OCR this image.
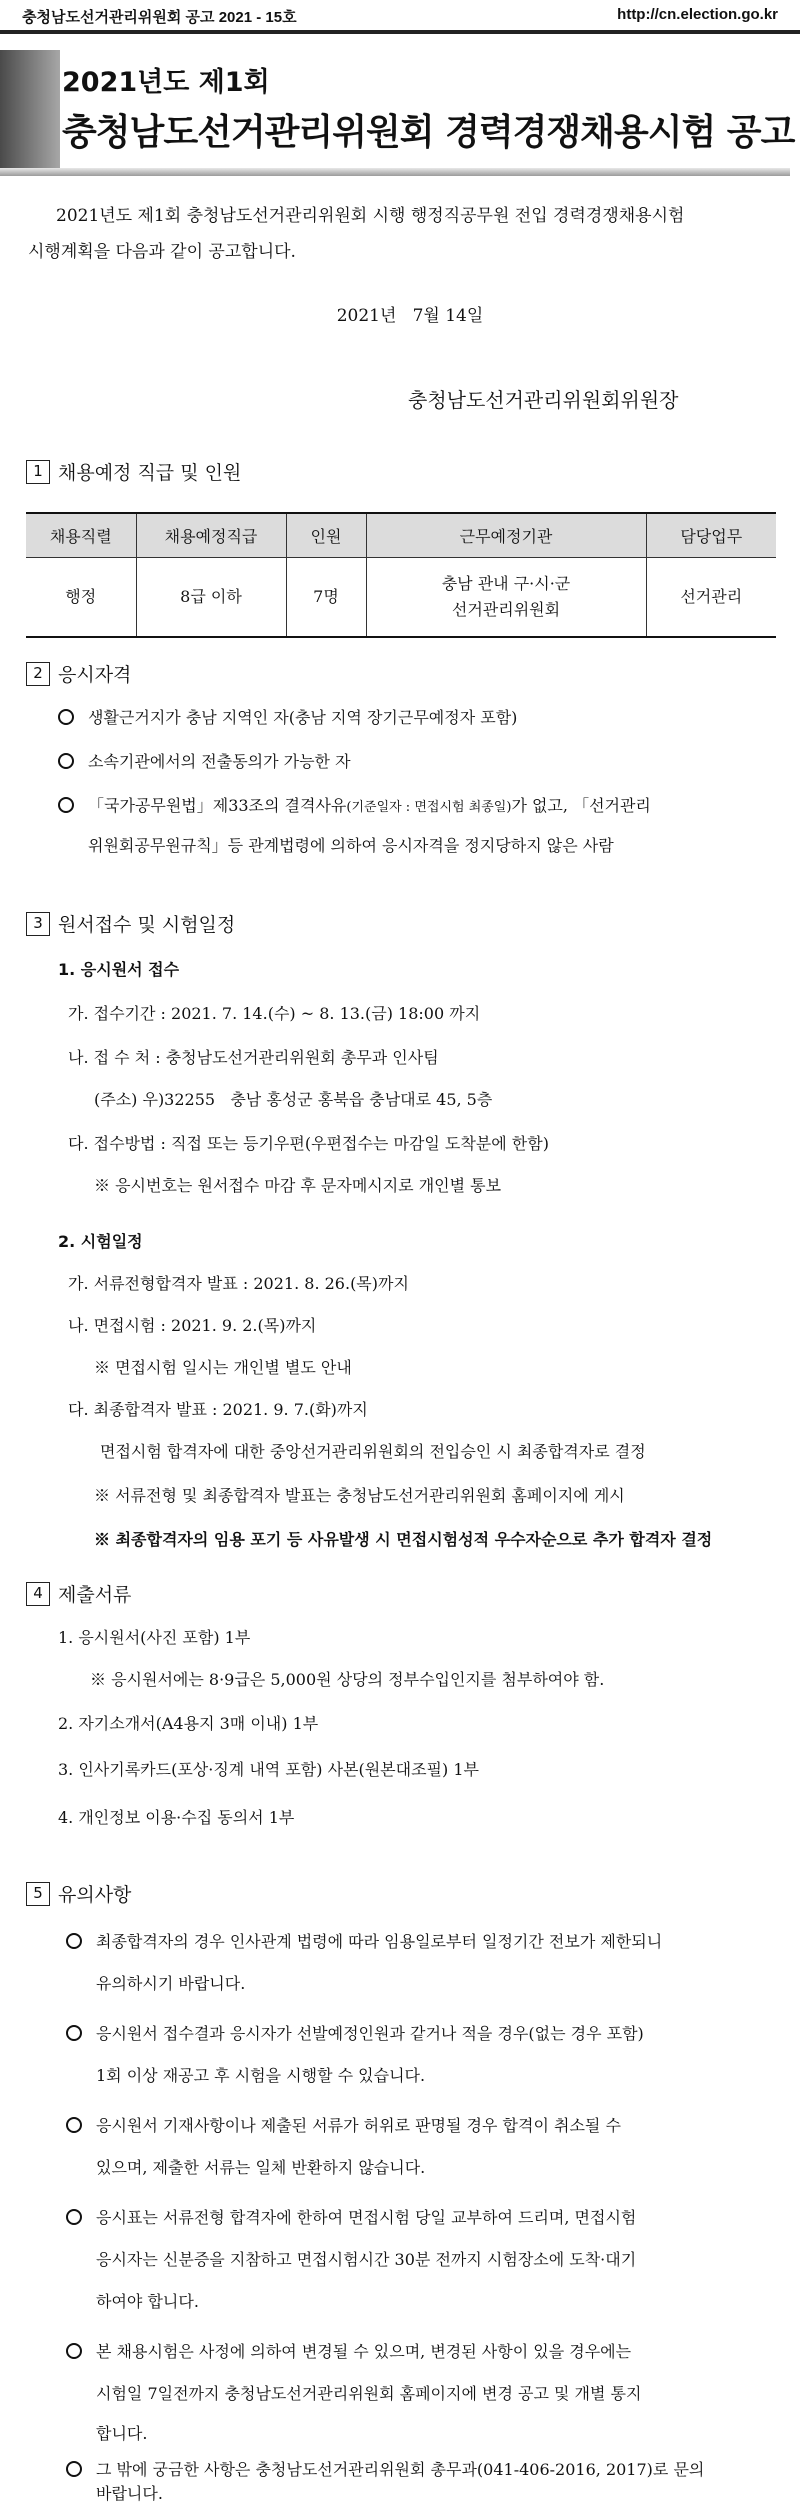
충청남도선거관리위원회 공고 2021 - 15호	http://cn.election.go.kr
2021년도 제1회
충청남도선거관리위원회 경력경쟁채용시험 공고
2021년도 제1회 충청남도선거관리위원회 시행 행정직공무원 전입 경력경쟁채용시험
시행계획을 다음과 같이 공고합니다.
2021년   7월 14일
충청남도선거관리위원회위원장
1 채용예정 직급 및 인원
채용직렬	채용예정직급	인원	근무예정기관	담당업무
행정	8급 이하	7명	충남 관내 구·시·군
선거관리위원회	선거관리
2 응시자격
생활근거지가 충남 지역인 자(충남 지역 장기근무예정자 포함)
소속기관에서의 전출동의가 가능한 자
「국가공무원법」제33조의 결격사유(기준일자 : 면접시험 최종일)가 없고, 「선거관리
위원회공무원규칙」등 관계법령에 의하여 응시자격을 정지당하지 않은 사람
3 원서접수 및 시험일정
1. 응시원서 접수
가. 접수기간 : 2021. 7. 14.(수) ~ 8. 13.(금) 18:00 까지
나. 접 수 처 : 충청남도선거관리위원회 총무과 인사팀
(주소) 우)32255   충남 홍성군 홍북읍 충남대로 45, 5층
다. 접수방법 : 직접 또는 등기우편(우편접수는 마감일 도착분에 한함)
※ 응시번호는 원서접수 마감 후 문자메시지로 개인별 통보
2. 시험일정
가. 서류전형합격자 발표 : 2021. 8. 26.(목)까지
나. 면접시험 : 2021. 9. 2.(목)까지
※ 면접시험 일시는 개인별 별도 안내
다. 최종합격자 발표 : 2021. 9. 7.(화)까지
면접시험 합격자에 대한 중앙선거관리위원회의 전입승인 시 최종합격자로 결정
※ 서류전형 및 최종합격자 발표는 충청남도선거관리위원회 홈페이지에 게시
※ 최종합격자의 임용 포기 등 사유발생 시 면접시험성적 우수자순으로 추가 합격자 결정
4 제출서류
1. 응시원서(사진 포함) 1부
※ 응시원서에는 8·9급은 5,000원 상당의 정부수입인지를 첨부하여야 함.
2. 자기소개서(A4용지 3매 이내) 1부
3. 인사기록카드(포상·징계 내역 포함) 사본(원본대조필) 1부
4. 개인정보 이용·수집 동의서 1부
5 유의사항
최종합격자의 경우 인사관계 법령에 따라 임용일로부터 일정기간 전보가 제한되니
유의하시기 바랍니다.
응시원서 접수결과 응시자가 선발예정인원과 같거나 적을 경우(없는 경우 포함)
1회 이상 재공고 후 시험을 시행할 수 있습니다.
응시원서 기재사항이나 제출된 서류가 허위로 판명될 경우 합격이 취소될 수
있으며, 제출한 서류는 일체 반환하지 않습니다.
응시표는 서류전형 합격자에 한하여 면접시험 당일 교부하여 드리며, 면접시험
응시자는 신분증을 지참하고 면접시험시간 30분 전까지 시험장소에 도착·대기
하여야 합니다.
본 채용시험은 사정에 의하여 변경될 수 있으며, 변경된 사항이 있을 경우에는
시험일 7일전까지 충청남도선거관리위원회 홈페이지에 변경 공고 및 개별 통지
합니다.
그 밖에 궁금한 사항은 충청남도선거관리위원회 총무과(041-406-2016, 2017)로 문의
바랍니다.
